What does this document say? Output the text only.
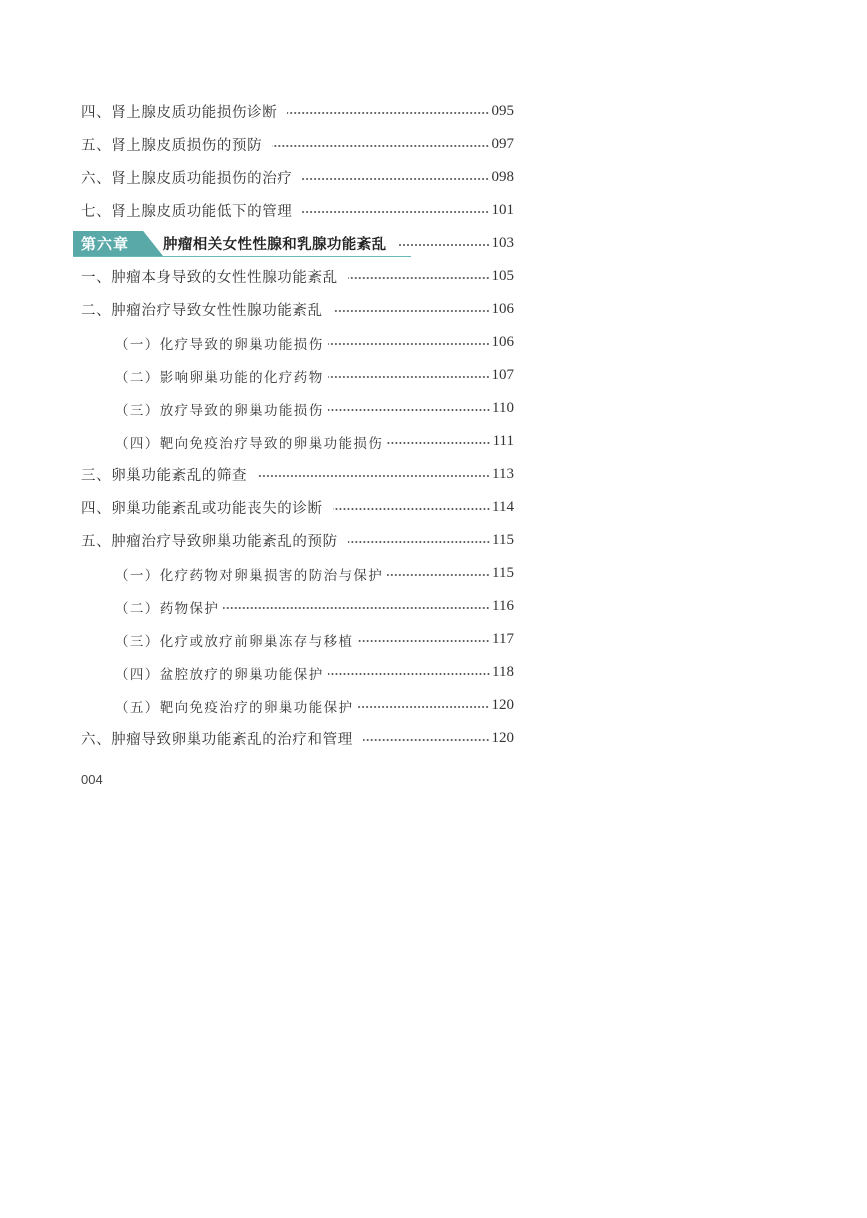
四、肾上腺皮质功能损伤诊断	095
五、肾上腺皮质损伤的预防	097
六、肾上腺皮质功能损伤的治疗	098
七、肾上腺皮质功能低下的管理	101
第六章	肿瘤相关女性性腺和乳腺功能紊乱	103
一、肿瘤本身导致的女性性腺功能紊乱	105
二、肿瘤治疗导致女性性腺功能紊乱	106
（一）化疗导致的卵巢功能损伤	106
（二）影响卵巢功能的化疗药物	107
（三）放疗导致的卵巢功能损伤	110
（四）靶向免疫治疗导致的卵巢功能损伤	111
三、卵巢功能紊乱的筛查	113
四、卵巢功能紊乱或功能丧失的诊断	114
五、肿瘤治疗导致卵巢功能紊乱的预防	115
（一）化疗药物对卵巢损害的防治与保护	115
（二）药物保护	116
（三）化疗或放疗前卵巢冻存与移植	117
（四）盆腔放疗的卵巢功能保护	118
（五）靶向免疫治疗的卵巢功能保护	120
六、肿瘤导致卵巢功能紊乱的治疗和管理	120
004
